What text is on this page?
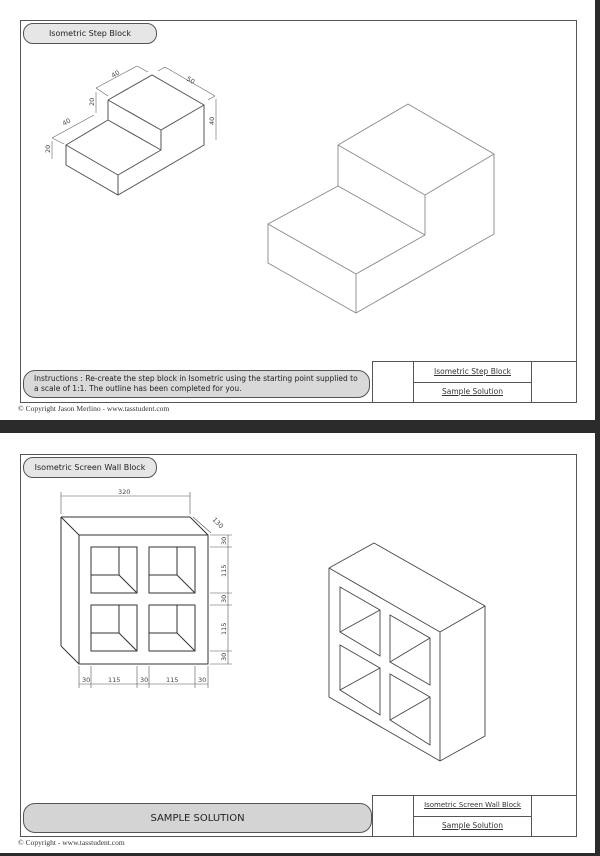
Isometric Step Block
40
50
20
40
20
40
Instructions : Re-create the step block in Isometric using the starting point supplied to a scale of 1:1. The outline has been completed for you.
Isometric Step Block
Sample Solution
© Copyright Jason Merlino - www.tasstudent.com
Isometric Screen Wall Block
320
130
30
115
30
115
30
30	115	30	115	30
SAMPLE SOLUTION
Isometric Screen Wall Block
Sample Solution
© Copyright - www.tasstudent.com
